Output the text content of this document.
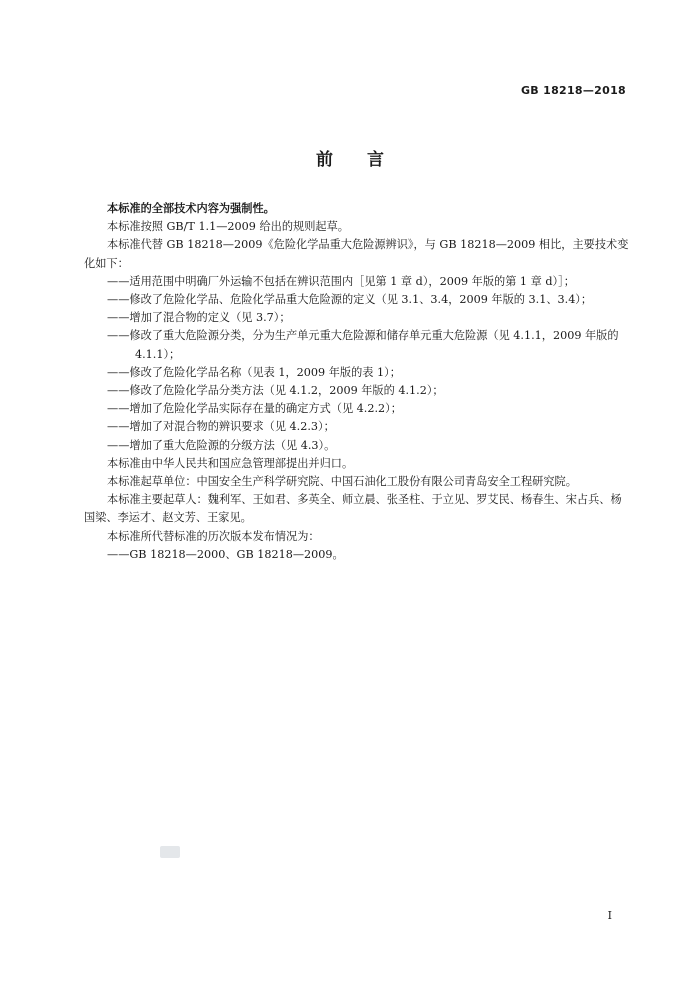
GB 18218—2018
前 言

本标准的全部技术内容为强制性。

本标准按照 GB/T 1.1—2009 给出的规则起草。

本标准代替 GB 18218—2009《危险化学品重大危险源辨识》，与 GB 18218—2009 相比，主要技术变化如下：

——适用范围中明确厂外运输不包括在辨识范围内［见第 1 章 d），2009 年版的第 1 章 d）］；

——修改了危险化学品、危险化学品重大危险源的定义（见 3.1、3.4，2009 年版的 3.1、3.4）；

——增加了混合物的定义（见 3.7）；

——修改了重大危险源分类，分为生产单元重大危险源和储存单元重大危险源（见 4.1.1，2009 年版的 4.1.1）；

——修改了危险化学品名称（见表 1，2009 年版的表 1）；

——修改了危险化学品分类方法（见 4.1.2，2009 年版的 4.1.2）；

——增加了危险化学品实际存在量的确定方式（见 4.2.2）；

——增加了对混合物的辨识要求（见 4.2.3）；

——增加了重大危险源的分级方法（见 4.3）。

本标准由中华人民共和国应急管理部提出并归口。

本标准起草单位：中国安全生产科学研究院、中国石油化工股份有限公司青岛安全工程研究院。

本标准主要起草人：魏利军、王如君、多英全、师立晨、张圣柱、于立见、罗艾民、杨春生、宋占兵、杨国梁、李运才、赵文芳、王家见。

本标准所代替标准的历次版本发布情况为：

——GB 18218—2000、GB 18218—2009。

I
